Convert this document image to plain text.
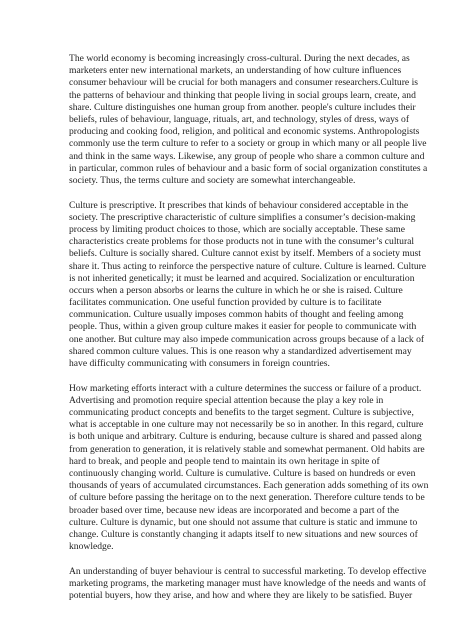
The world economy is becoming increasingly cross-cultural. During the next decades, as
marketers enter new international markets, an understanding of how culture influences
consumer behaviour will be crucial for both managers and consumer researchers.Culture is
the patterns of behaviour and thinking that people living in social groups learn, create, and
share. Culture distinguishes one human group from another. people's culture includes their
beliefs, rules of behaviour, language, rituals, art, and technology, styles of dress, ways of
producing and cooking food, religion, and political and economic systems. Anthropologists
commonly use the term culture to refer to a society or group in which many or all people live
and think in the same ways. Likewise, any group of people who share a common culture and
in particular, common rules of behaviour and a basic form of social organization constitutes a
society. Thus, the terms culture and society are somewhat interchangeable.

Culture is prescriptive. It prescribes that kinds of behaviour considered acceptable in the
society. The prescriptive characteristic of culture simplifies a consumer’s decision-making
process by limiting product choices to those, which are socially acceptable. These same
characteristics create problems for those products not in tune with the consumer’s cultural
beliefs. Culture is socially shared. Culture cannot exist by itself. Members of a society must
share it. Thus acting to reinforce the perspective nature of culture. Culture is learned. Culture
is not inherited genetically; it must be learned and acquired. Socialization or enculturation
occurs when a person absorbs or learns the culture in which he or she is raised. Culture
facilitates communication. One useful function provided by culture is to facilitate
communication. Culture usually imposes common habits of thought and feeling among
people. Thus, within a given group culture makes it easier for people to communicate with
one another. But culture may also impede communication across groups because of a lack of
shared common culture values. This is one reason why a standardized advertisement may
have difficulty communicating with consumers in foreign countries.

How marketing efforts interact with a culture determines the success or failure of a product.
Advertising and promotion require special attention because the play a key role in
communicating product concepts and benefits to the target segment. Culture is subjective,
what is acceptable in one culture may not necessarily be so in another. In this regard, culture
is both unique and arbitrary. Culture is enduring, because culture is shared and passed along
from generation to generation, it is relatively stable and somewhat permanent. Old habits are
hard to break, and people and people tend to maintain its own heritage in spite of
continuously changing world. Culture is cumulative. Culture is based on hundreds or even
thousands of years of accumulated circumstances. Each generation adds something of its own
of culture before passing the heritage on to the next generation. Therefore culture tends to be
broader based over time, because new ideas are incorporated and become a part of the
culture. Culture is dynamic, but one should not assume that culture is static and immune to
change. Culture is constantly changing it adapts itself to new situations and new sources of
knowledge.

An understanding of buyer behaviour is central to successful marketing. To develop effective
marketing programs, the marketing manager must have knowledge of the needs and wants of
potential buyers, how they arise, and how and where they are likely to be satisfied. Buyer
